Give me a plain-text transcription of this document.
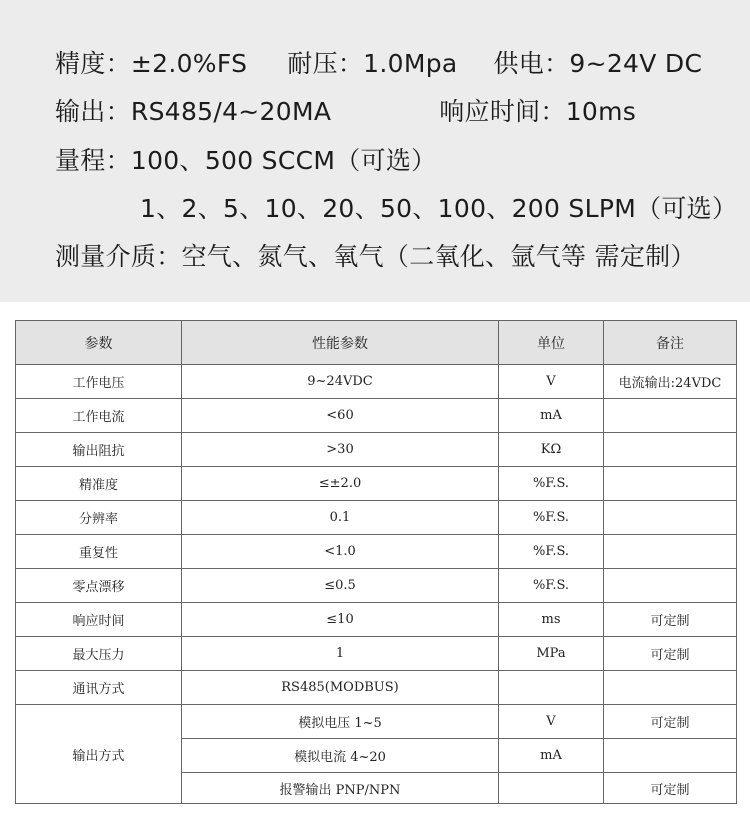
精度：±2.0%FS 耐压：1.0Mpa 供电：9~24V DC
输出：RS485/4~20MA	响应时间：10ms
量程：100、500 SCCM（可选）
1、2、5、10、20、50、100、200 SLPM（可选）
测量介质：空气、氮气、氧气（二氧化、氩气等 需定制）
参数	性能参数	单位	备注
工作电压	9~24VDC	V	电流输出:24VDC
工作电流	<60	mA	
输出阻抗	>30	KΩ	
精准度	≤±2.0	%F.S.	
分辨率	0.1	%F.S.	
重复性	<1.0	%F.S.	
零点漂移	≤0.5	%F.S.	
响应时间	≤10	ms	可定制
最大压力	1	MPa	可定制
通讯方式	RS485(MODBUS)		
输出方式	模拟电压 1~5	V	可定制
	模拟电流 4~20	mA	
	报警输出 PNP/NPN		可定制
